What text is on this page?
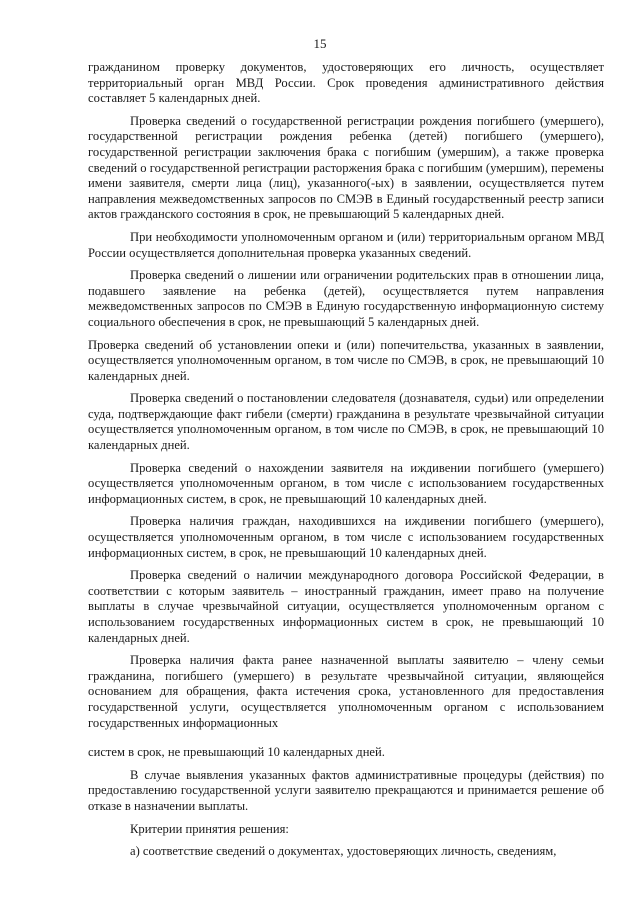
15

гражданином проверку документов, удостоверяющих его личность, осуществляет территориальный орган МВД России. Срок проведения административного действия составляет 5 календарных дней.

Проверка сведений о государственной регистрации рождения погибшего (умершего), государственной регистрации рождения ребенка (детей) погибшего (умершего), государственной регистрации заключения брака с погибшим (умершим), а также проверка сведений о государственной регистрации расторжения брака с погибшим (умершим), перемены имени заявителя, смерти лица (лиц), указанного(-ых) в заявлении, осуществляется путем направления межведомственных запросов по СМЭВ в Единый государственный реестр записи актов гражданского состояния в срок, не превышающий 5 календарных дней.

При необходимости уполномоченным органом и (или) территориальным органом МВД России осуществляется дополнительная проверка указанных сведений.

Проверка сведений о лишении или ограничении родительских прав в отношении лица, подавшего заявление на ребенка (детей), осуществляется путем направления межведомственных запросов по СМЭВ в Единую государственную информационную систему социального обеспечения в срок, не превышающий 5 календарных дней.

Проверка сведений об установлении опеки и (или) попечительства, указанных в заявлении, осуществляется уполномоченным органом, в том числе по СМЭВ, в срок, не превышающий 10 календарных дней.

Проверка сведений о постановлении следователя (дознавателя, судьи) или определении суда, подтверждающие факт гибели (смерти) гражданина в результате чрезвычайной ситуации осуществляется уполномоченным органом, в том числе по СМЭВ, в срок, не превышающий 10 календарных дней.

Проверка сведений о нахождении заявителя на иждивении погибшего (умершего) осуществляется уполномоченным органом, в том числе с использованием государственных информационных систем, в срок, не превышающий 10 календарных дней.

Проверка наличия граждан, находившихся на иждивении погибшего (умершего), осуществляется уполномоченным органом, в том числе с использованием государственных информационных систем, в срок, не превышающий 10 календарных дней.

Проверка сведений о наличии международного договора Российской Федерации, в соответствии с которым заявитель – иностранный гражданин, имеет право на получение выплаты в случае чрезвычайной ситуации, осуществляется уполномоченным органом с использованием государственных информационных систем в срок, не превышающий 10 календарных дней.

Проверка наличия факта ранее назначенной выплаты заявителю – члену семьи гражданина, погибшего (умершего) в результате чрезвычайной ситуации, являющейся основанием для обращения, факта истечения срока, установленного для предоставления государственной услуги, осуществляется уполномоченным органом с использованием государственных информационных

систем в срок, не превышающий 10 календарных дней.

В случае выявления указанных фактов административные процедуры (действия) по предоставлению государственной услуги заявителю прекращаются и принимается решение об отказе в назначении выплаты.

Критерии принятия решения:

а) соответствие сведений о документах, удостоверяющих личность, сведениям,
